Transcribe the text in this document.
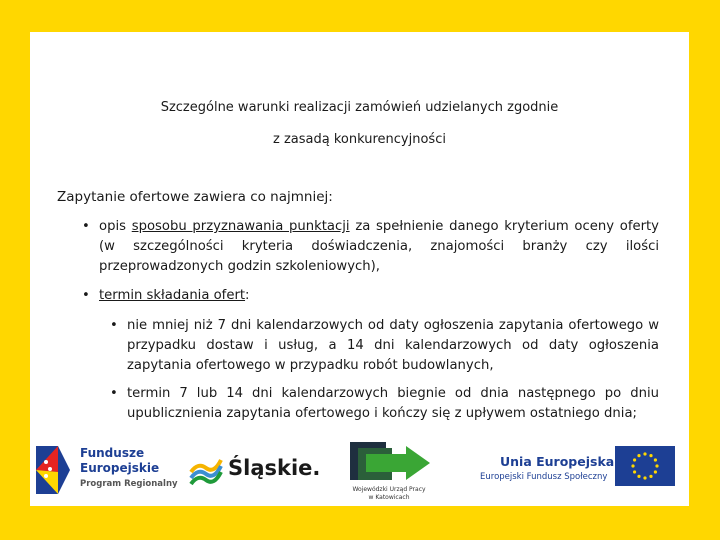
Szczególne warunki realizacji zamówień udzielanych zgodnie
z zasadą konkurencyjności
Zapytanie ofertowe zawiera co najmniej:
• opis sposobu przyznawania punktacji za spełnienie danego kryterium oceny oferty (w szczególności kryteria doświadczenia, znajomości branży czy ilości przeprowadzonych godzin szkoleniowych),
• termin składania ofert:
• nie mniej niż 7 dni kalendarzowych od daty ogłoszenia zapytania ofertowego w przypadku dostaw i usług, a 14 dni kalendarzowych od daty ogłoszenia zapytania ofertowego w przypadku robót budowlanych,
• termin 7 lub 14 dni kalendarzowych biegnie od dnia następnego po dniu upublicznienia zapytania ofertowego i kończy się z upływem ostatniego dnia;
Fundusze
Europejskie
Program Regionalny
Śląskie.
Wojewódzki Urząd Pracy
w Katowicach
Unia Europejska
Europejski Fundusz Społeczny
